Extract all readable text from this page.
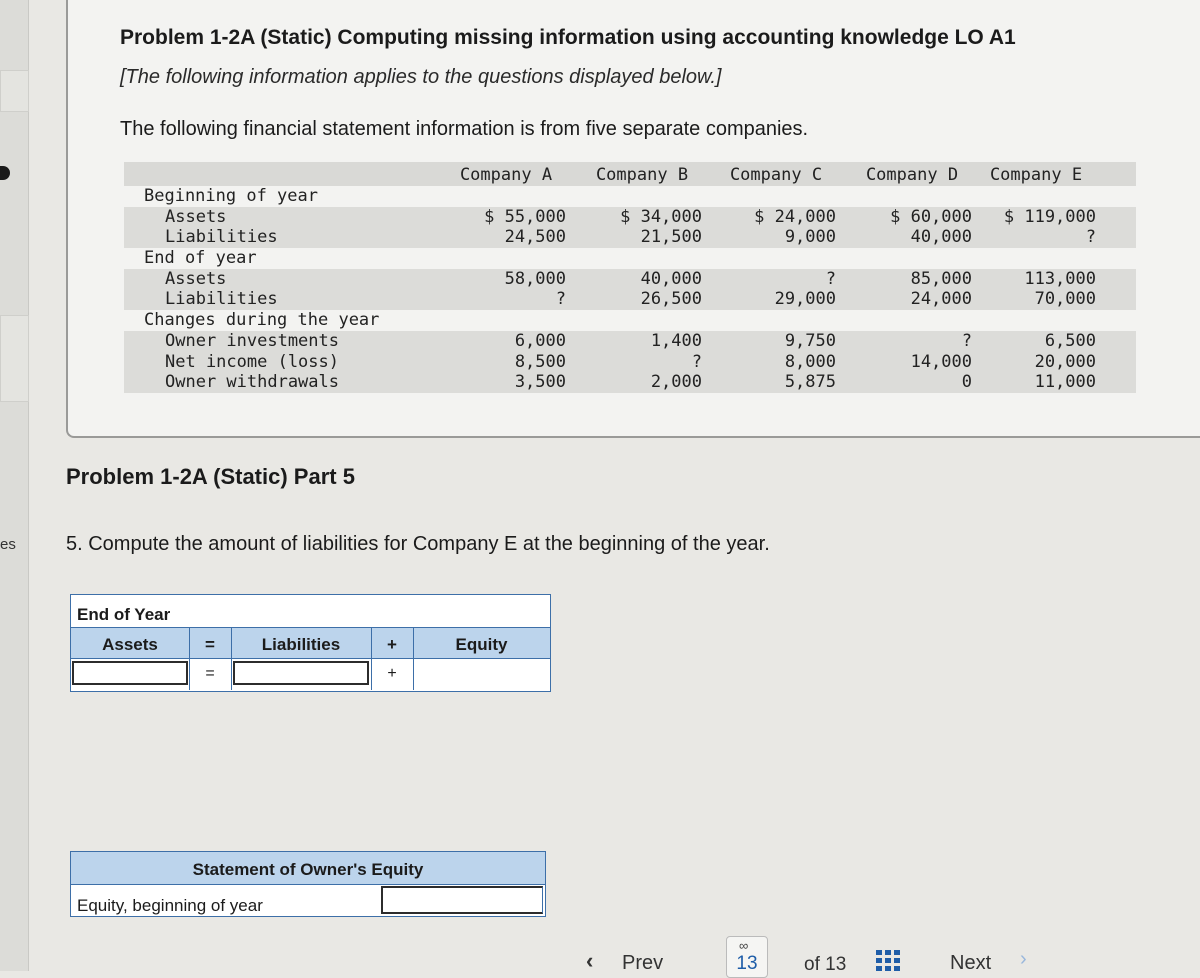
es
Problem 1-2A (Static) Computing missing information using accounting knowledge LO A1
[The following information applies to the questions displayed below.]
The following financial statement information is from five separate companies.
Company A	Company B	Company C	Company D	Company E
Beginning of year
Assets	$ 55,000	$ 34,000	$ 24,000	$ 60,000	$ 119,000
Liabilities	24,500	21,500	9,000	40,000	?
End of year
Assets	58,000	40,000	?	85,000	113,000
Liabilities	?	26,500	29,000	24,000	70,000
Changes during the year
Owner investments	6,000	1,400	9,750	?	6,500
Net income (loss)	8,500	?	8,000	14,000	20,000
Owner withdrawals	3,500	2,000	5,875	0	11,000
Problem 1-2A (Static) Part 5
5. Compute the amount of liabilities for Company E at the beginning of the year.
End of Year
Assets	=	Liabilities	+	Equity
=	+
Statement of Owner's Equity
Equity, beginning of year
‹ Prev
∞
13	of 13	Next ›
